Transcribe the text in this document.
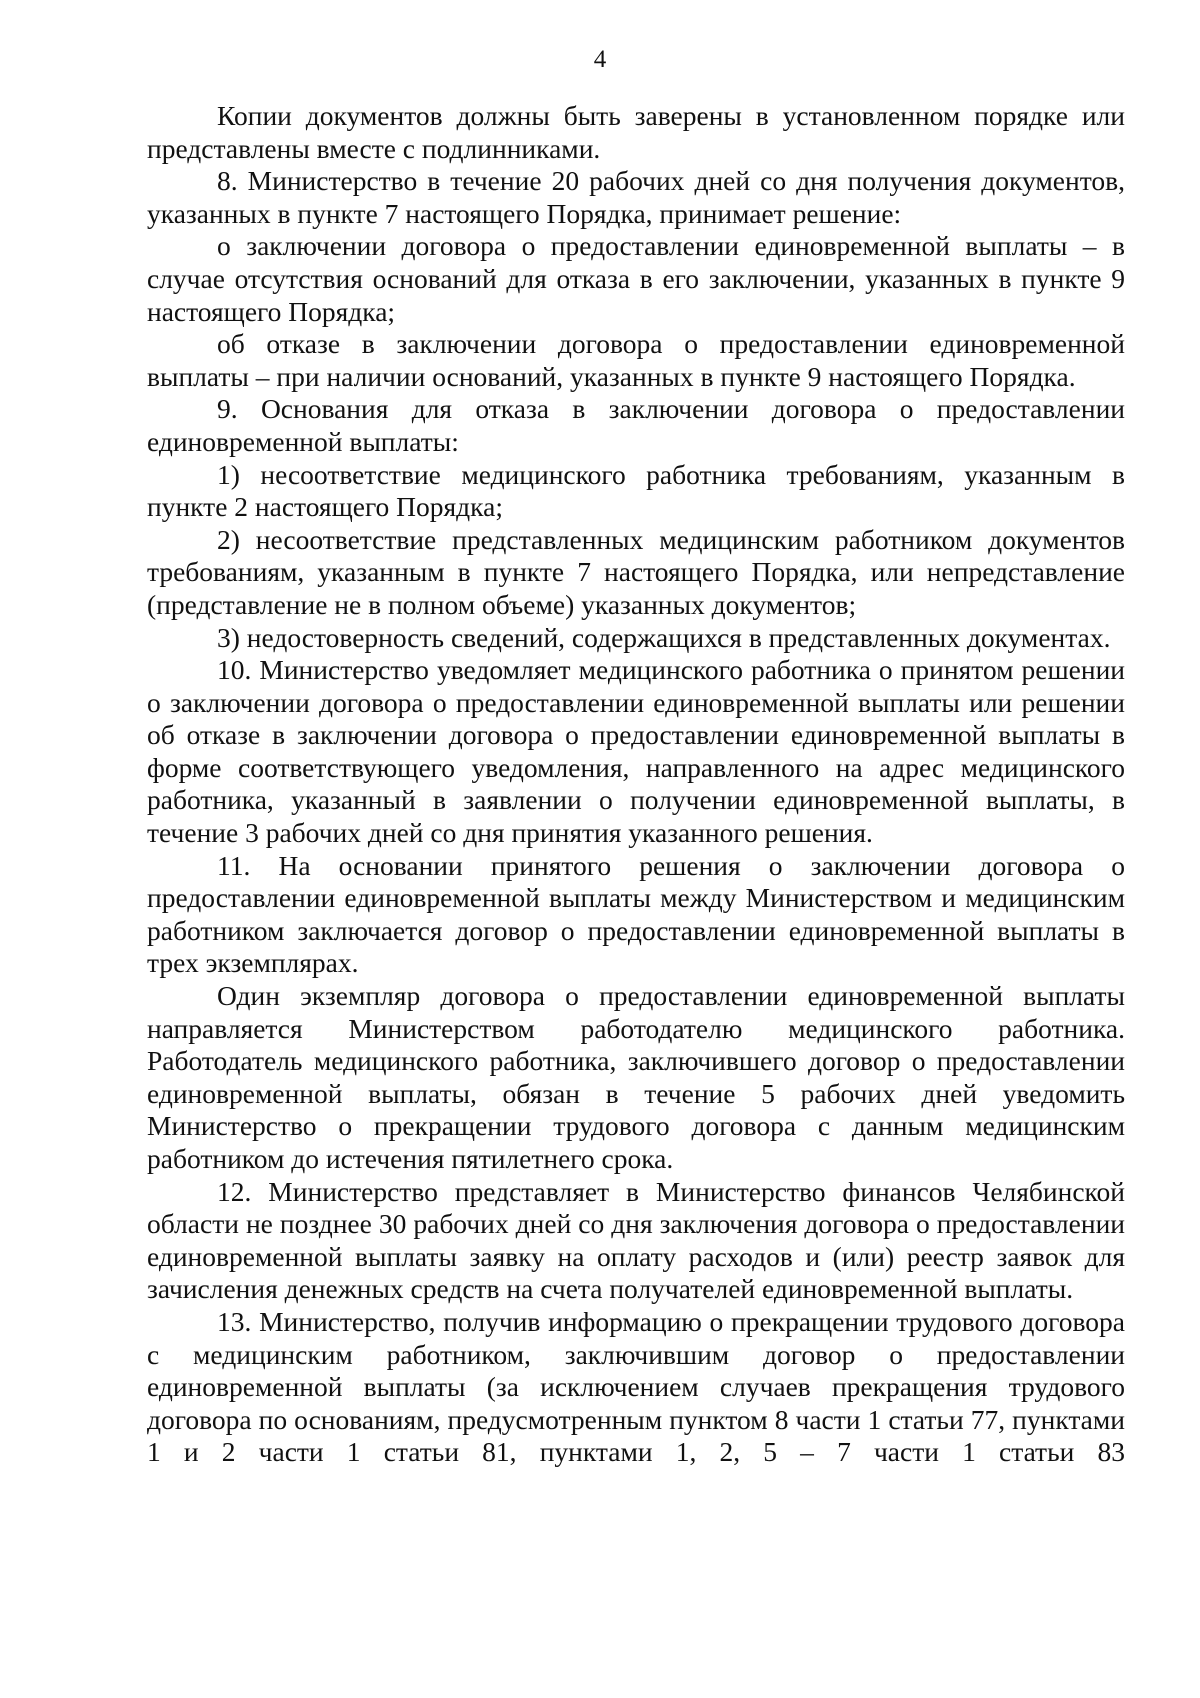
4

Копии документов должны быть заверены в установленном порядке или представлены вместе с подлинниками.

8. Министерство в течение 20 рабочих дней со дня получения документов, указанных в пункте 7 настоящего Порядка, принимает решение:

о заключении договора о предоставлении единовременной выплаты – в случае отсутствия оснований для отказа в его заключении, указанных в пункте 9 настоящего Порядка;

об отказе в заключении договора о предоставлении единовременной выплаты – при наличии оснований, указанных в пункте 9 настоящего Порядка.

9. Основания для отказа в заключении договора о предоставлении единовременной выплаты:

1) несоответствие медицинского работника требованиям, указанным в пункте 2 настоящего Порядка;

2) несоответствие представленных медицинским работником документов требованиям, указанным в пункте 7 настоящего Порядка, или непредставление (представление не в полном объеме) указанных документов;

3) недостоверность сведений, содержащихся в представленных документах.

10. Министерство уведомляет медицинского работника о принятом решении о заключении договора о предоставлении единовременной выплаты или решении об отказе в заключении договора о предоставлении единовременной выплаты в форме соответствующего уведомления, направленного на адрес медицинского работника, указанный в заявлении о получении единовременной выплаты, в течение 3 рабочих дней со дня принятия указанного решения.

11. На основании принятого решения о заключении договора о предоставлении единовременной выплаты между Министерством и медицинским работником заключается договор о предоставлении единовременной выплаты в трех экземплярах.

Один экземпляр договора о предоставлении единовременной выплаты направляется Министерством работодателю медицинского работника. Работодатель медицинского работника, заключившего договор о предоставлении единовременной выплаты, обязан в течение 5 рабочих дней уведомить Министерство о прекращении трудового договора с данным медицинским работником до истечения пятилетнего срока.

12. Министерство представляет в Министерство финансов Челябинской области не позднее 30 рабочих дней со дня заключения договора о предоставлении единовременной выплаты заявку на оплату расходов и (или) реестр заявок для зачисления денежных средств на счета получателей единовременной выплаты.

13. Министерство, получив информацию о прекращении трудового договора с медицинским работником, заключившим договор о предоставлении единовременной выплаты (за исключением случаев прекращения трудового договора по основаниям, предусмотренным пунктом 8 части 1 статьи 77, пунктами 1 и 2 части 1 статьи 81, пунктами 1, 2, 5 – 7 части 1 статьи 83
